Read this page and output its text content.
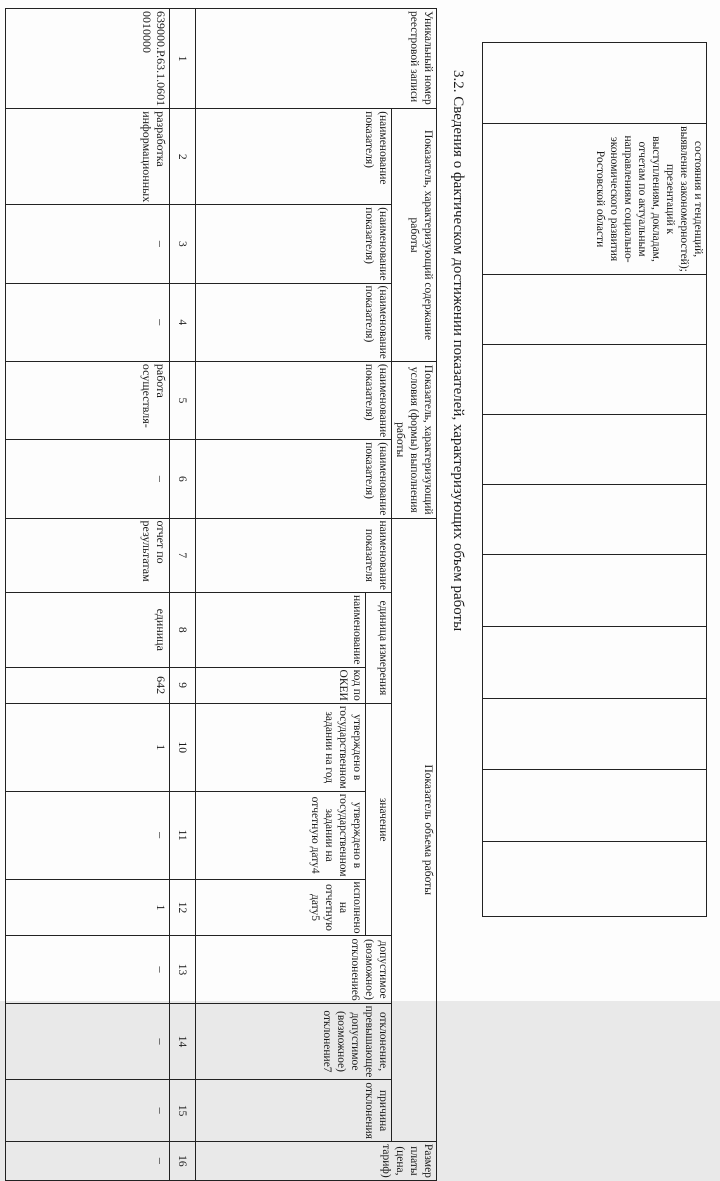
	состояния и тенденций, выявление закономерностей); презентаций к выступлениям, докладам, отчетам по актуальным направлениям социально-экономического развития Ростовской области									
3.2. Сведения о фактическом достижении показателей, характеризующих объем работы
Уникальный номер реестровой записи	Показатель, характеризующий содержание работы			Показатель, характеризующий условия (формы) выполнения работы		Показатель объема работы									Размер платы (цена, тариф)
	(наименование показателя)	(наименование показателя)	(наименование показателя)	(наименование показателя)	(наименование показателя)	наименование показателя	единица измерения		значение			допустимое (возможное) отклонение6	отклонение, превышающее допустимое (возможное) отклонение7	причина отклонения	
							наименование	код по ОКЕИ	утверждено в государственном задании на год	утверждено в государственном задании на отчетную дату4	исполнено на отчетную дату5				
1	2	3	4	5	6	7	8	9	10	11	12	13	14	15	16
639000.Р.63.1.0601 0010000	разработка информационных	–	–	работа осуществля-	–	отчет по результатам	единица	642	1	–	1	–	–	–	–
